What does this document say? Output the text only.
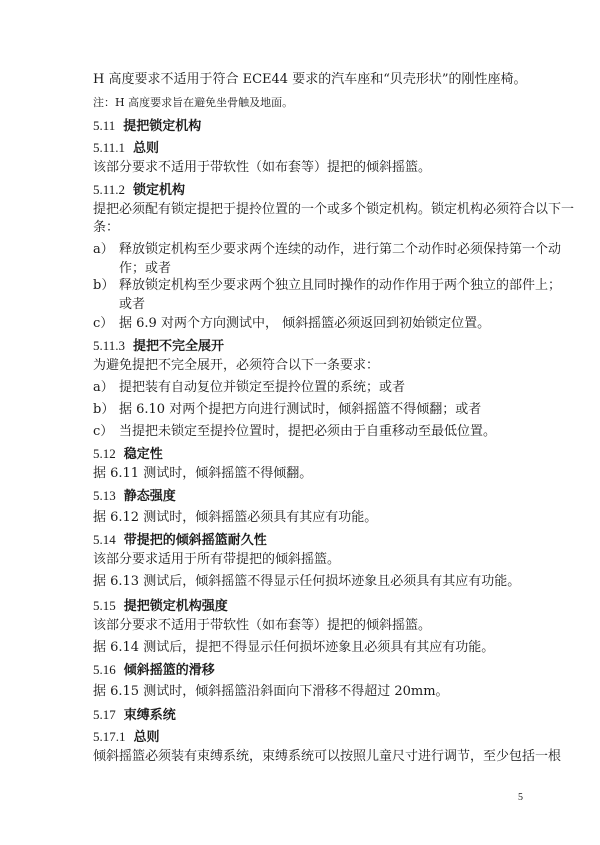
H 高度要求不适用于符合 ECE44 要求的汽车座和“贝壳形状”的刚性座椅。
注：H 高度要求旨在避免坐骨触及地面。
5.11 提把锁定机构
5.11.1 总则
该部分要求不适用于带软性（如布套等）提把的倾斜摇篮。
5.11.2 锁定机构
提把必须配有锁定提把于提拎位置的一个或多个锁定机构。锁定机构必须符合以下一
条：
a） 释放锁定机构至少要求两个连续的动作，进行第二个动作时必须保持第一个动
作；或者
b） 释放锁定机构至少要求两个独立且同时操作的动作作用于两个独立的部件上；
或者
c） 据 6.9 对两个方向测试中， 倾斜摇篮必须返回到初始锁定位置。
5.11.3 提把不完全展开
为避免提把不完全展开，必须符合以下一条要求：
a） 提把装有自动复位并锁定至提拎位置的系统；或者
b） 据 6.10 对两个提把方向进行测试时，倾斜摇篮不得倾翻；或者
c） 当提把未锁定至提拎位置时，提把必须由于自重移动至最低位置。
5.12 稳定性
据 6.11 测试时，倾斜摇篮不得倾翻。
5.13 静态强度
据 6.12 测试时，倾斜摇篮必须具有其应有功能。
5.14 带提把的倾斜摇篮耐久性
该部分要求适用于所有带提把的倾斜摇篮。
据 6.13 测试后，倾斜摇篮不得显示任何损坏迹象且必须具有其应有功能。
5.15 提把锁定机构强度
该部分要求不适用于带软性（如布套等）提把的倾斜摇篮。
据 6.14 测试后，提把不得显示任何损坏迹象且必须具有其应有功能。
5.16 倾斜摇篮的滑移
据 6.15 测试时，倾斜摇篮沿斜面向下滑移不得超过 20mm。
5.17 束缚系统
5.17.1 总则
倾斜摇篮必须装有束缚系统，束缚系统可以按照儿童尺寸进行调节，至少包括一根
5
